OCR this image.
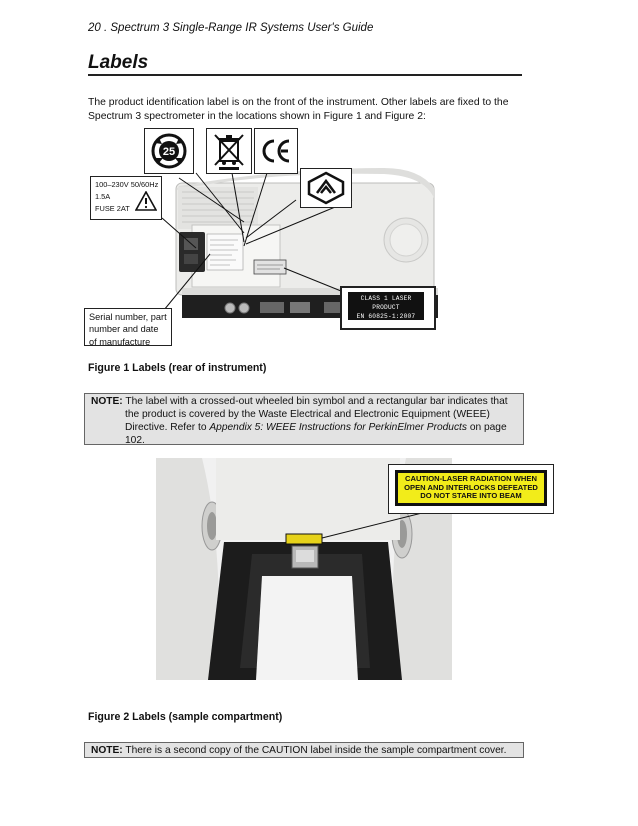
20 . Spectrum 3 Single-Range IR Systems User's Guide
Labels
The product identification label is on the front of the instrument. Other labels are fixed to the Spectrum 3 spectrometer in the locations shown in Figure 1 and Figure 2:
25
100–230V 50/60Hz
1.5A
FUSE 2AT
Serial number, part number and date of manufacture
CLASS 1 LASER PRODUCT
EN 60825-1:2007
IEC 60825-1:2007
Figure 1 Labels (rear of instrument)
NOTE: The label with a crossed-out wheeled bin symbol and a rectangular bar indicates that the product is covered by the Waste Electrical and Electronic Equipment (WEEE) Directive. Refer to Appendix 5: WEEE Instructions for PerkinElmer Products on page 102.
CAUTION-LASER RADIATION WHEN
OPEN AND INTERLOCKS DEFEATED
DO NOT STARE INTO BEAM
Figure 2 Labels (sample compartment)
NOTE: There is a second copy of the CAUTION label inside the sample compartment cover.
